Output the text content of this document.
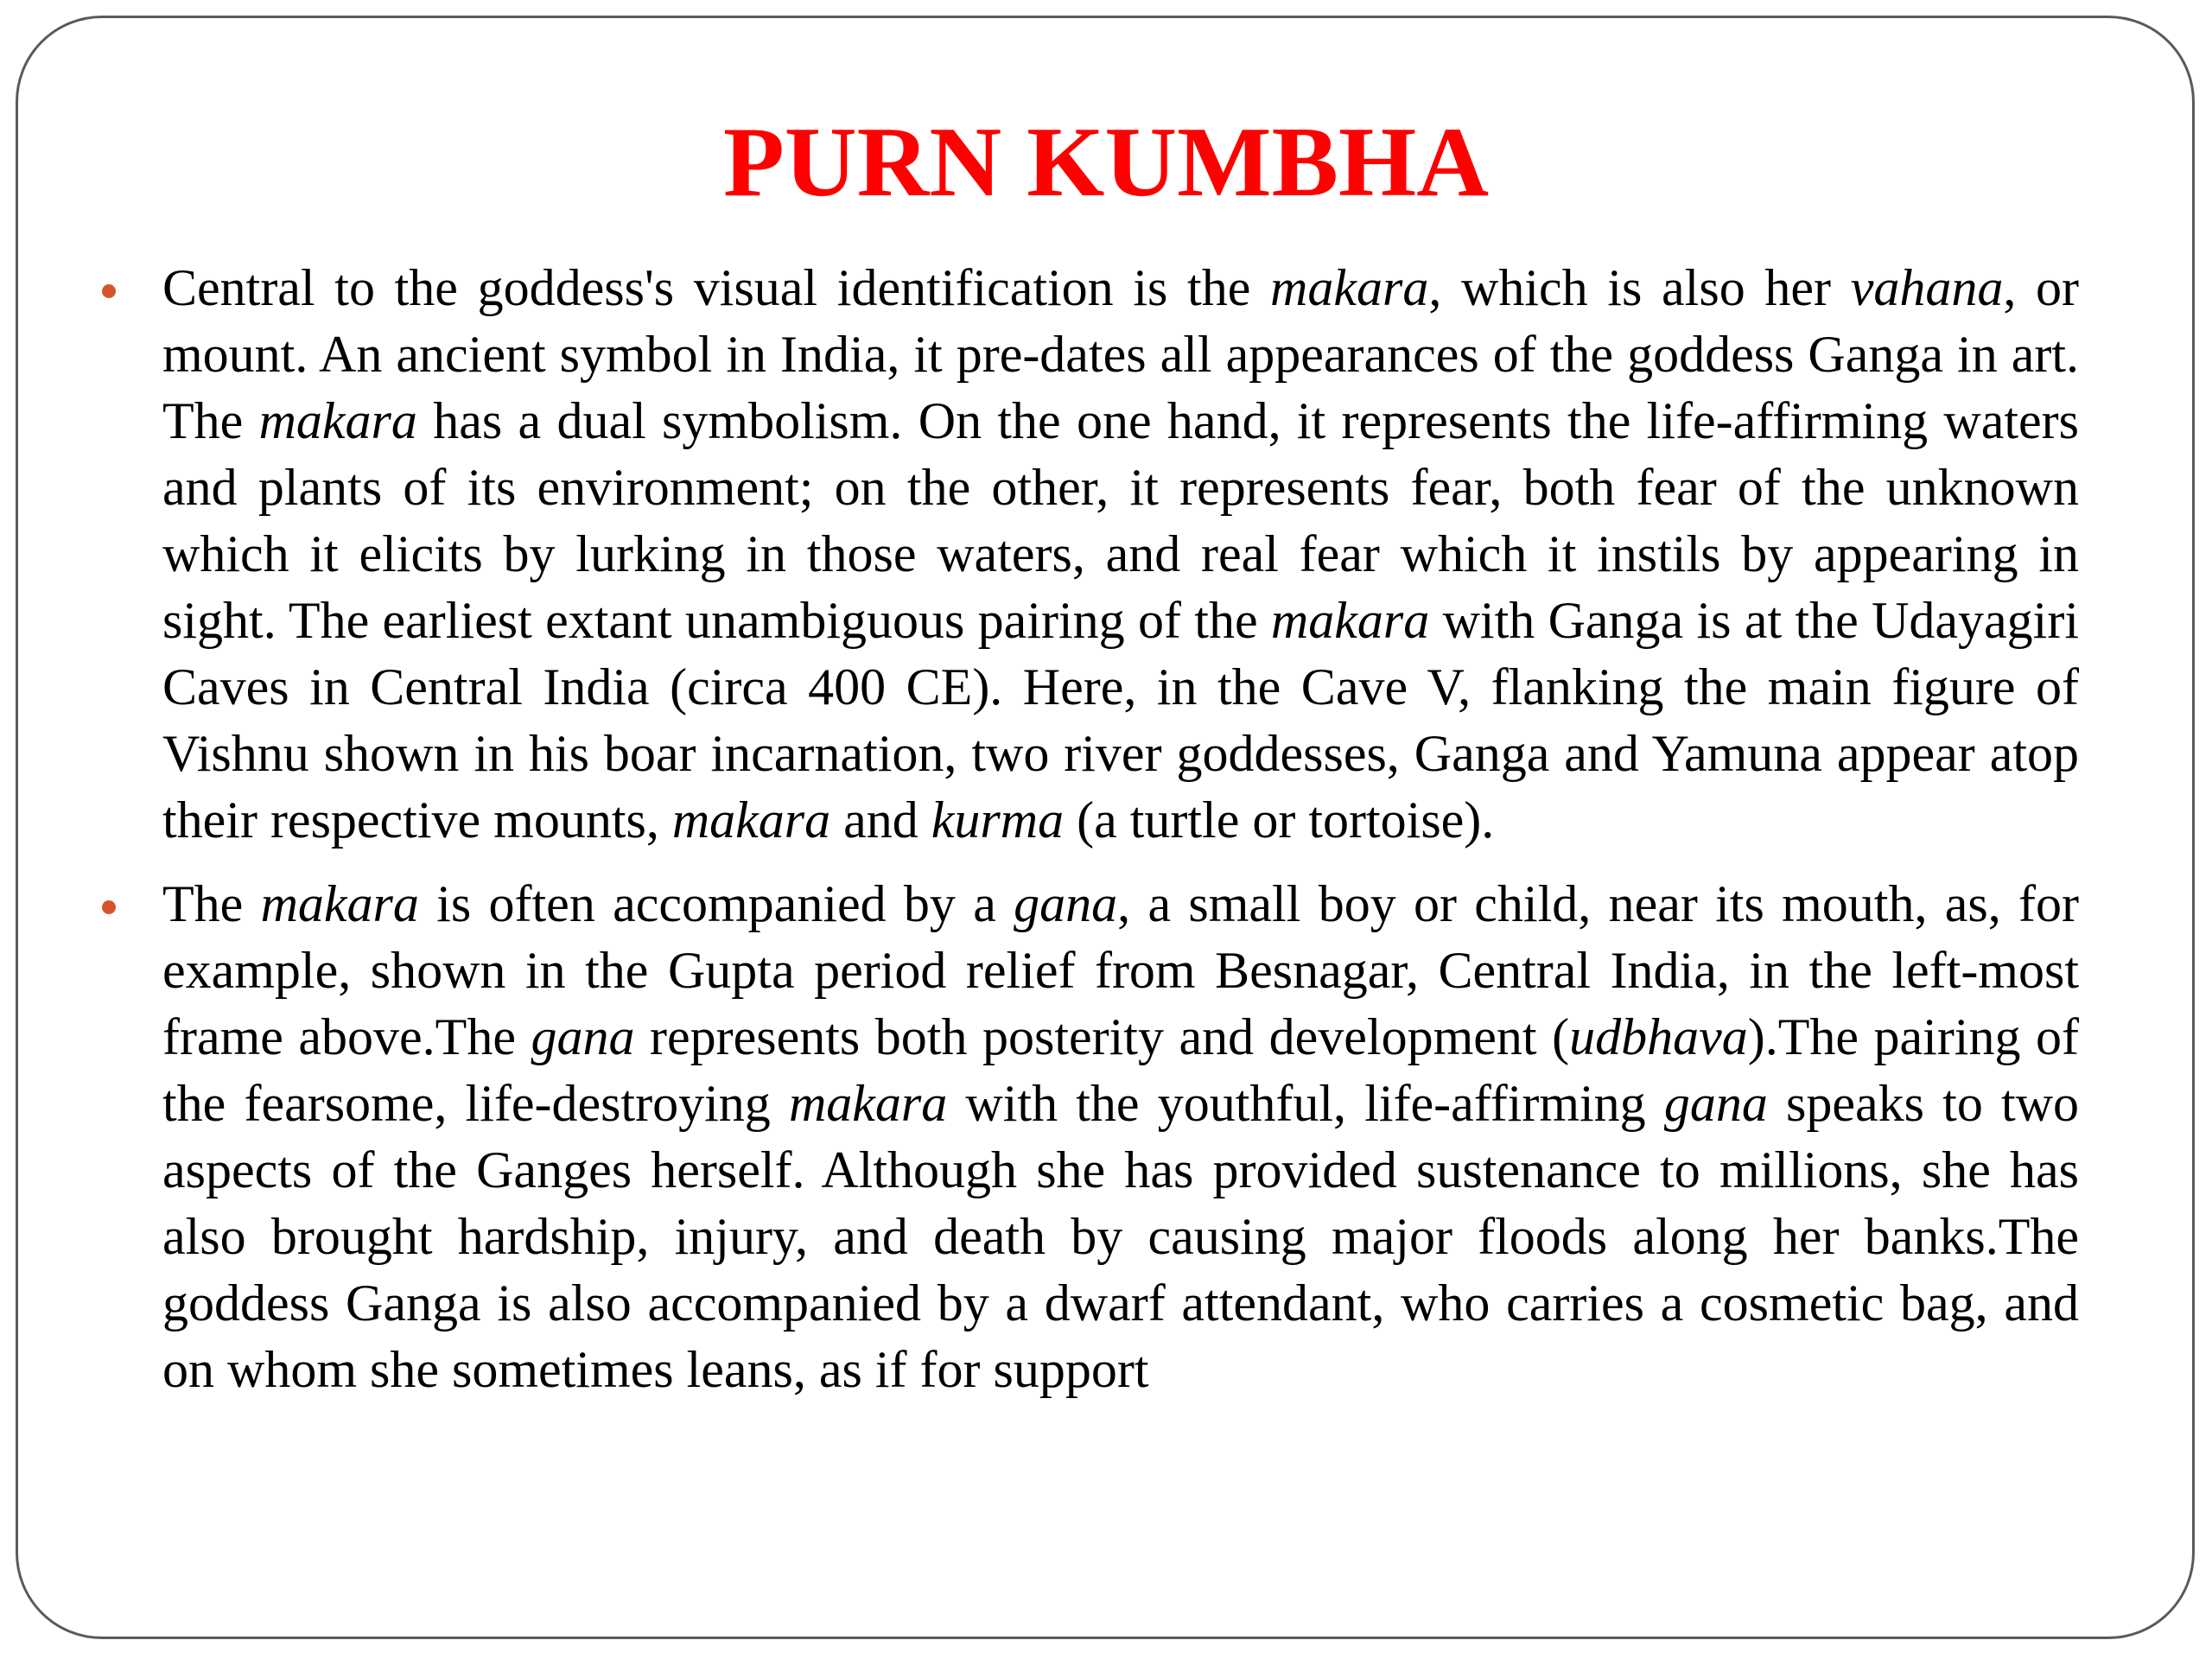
PURN KUMBHA
Central to the goddess's visual identification is the makara, which is also her vahana, or mount. An ancient symbol in India, it pre-dates all appearances of the goddess Ganga in art. The makara has a dual symbolism. On the one hand, it represents the life-affirming waters and plants of its environment; on the other, it represents fear, both fear of the unknown which it elicits by lurking in those waters, and real fear which it instils by appearing in sight. The earliest extant unambiguous pairing of the makara with Ganga is at the Udayagiri Caves in Central India (circa 400 CE). Here, in the Cave V, flanking the main figure of Vishnu shown in his boar incarnation, two river goddesses, Ganga and Yamuna appear atop their respective mounts, makara and kurma (a turtle or tortoise).
The makara is often accompanied by a gana, a small boy or child, near its mouth, as, for example, shown in the Gupta period relief from Besnagar, Central India, in the left-most frame above.The gana represents both posterity and development (udbhava).The pairing of the fearsome, life-destroying makara with the youthful, life-affirming gana speaks to two aspects of the Ganges herself. Although she has provided sustenance to millions, she has also brought hardship, injury, and death by causing major floods along her banks.The goddess Ganga is also accompanied by a dwarf attendant, who carries a cosmetic bag, and on whom she sometimes leans, as if for support
